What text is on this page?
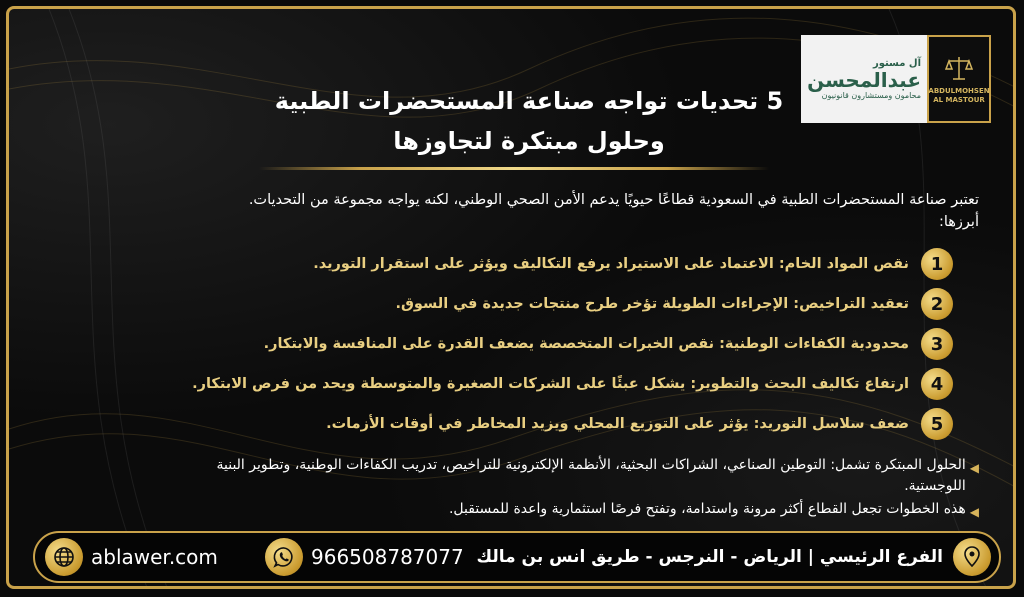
ABDULMOHSEN
AL MASTOUR
آل مستور
عبدالمحسن
محامون ومستشارون قانونيون
5 تحديات تواجه صناعة المستحضرات الطبية وحلول مبتكرة لتجاوزها
تعتبر صناعة المستحضرات الطبية في السعودية قطاعًا حيويًا يدعم الأمن الصحي الوطني، لكنه يواجه مجموعة من التحديات. أبرزها:
1
نقص المواد الخام: الاعتماد على الاستيراد يرفع التكاليف ويؤثر على استقرار التوريد.
2
تعقيد التراخيص: الإجراءات الطويلة تؤخر طرح منتجات جديدة في السوق.
3
محدودية الكفاءات الوطنية: نقص الخبرات المتخصصة يضعف القدرة على المنافسة والابتكار.
4
ارتفاع تكاليف البحث والتطوير: يشكل عبئًا على الشركات الصغيرة والمتوسطة ويحد من فرص الابتكار.
5
ضعف سلاسل التوريد: يؤثر على التوزيع المحلي ويزيد المخاطر في أوقات الأزمات.
◀
الحلول المبتكرة تشمل: التوطين الصناعي، الشراكات البحثية، الأنظمة الإلكترونية للتراخيص، تدريب الكفاءات الوطنية، وتطوير البنية اللوجستية.
◀
هذه الخطوات تجعل القطاع أكثر مرونة واستدامة، وتفتح فرصًا استثمارية واعدة للمستقبل.
ablawer.com	966508787077 الفرع الرئيسي | الرياض - النرجس - طريق انس بن مالك
